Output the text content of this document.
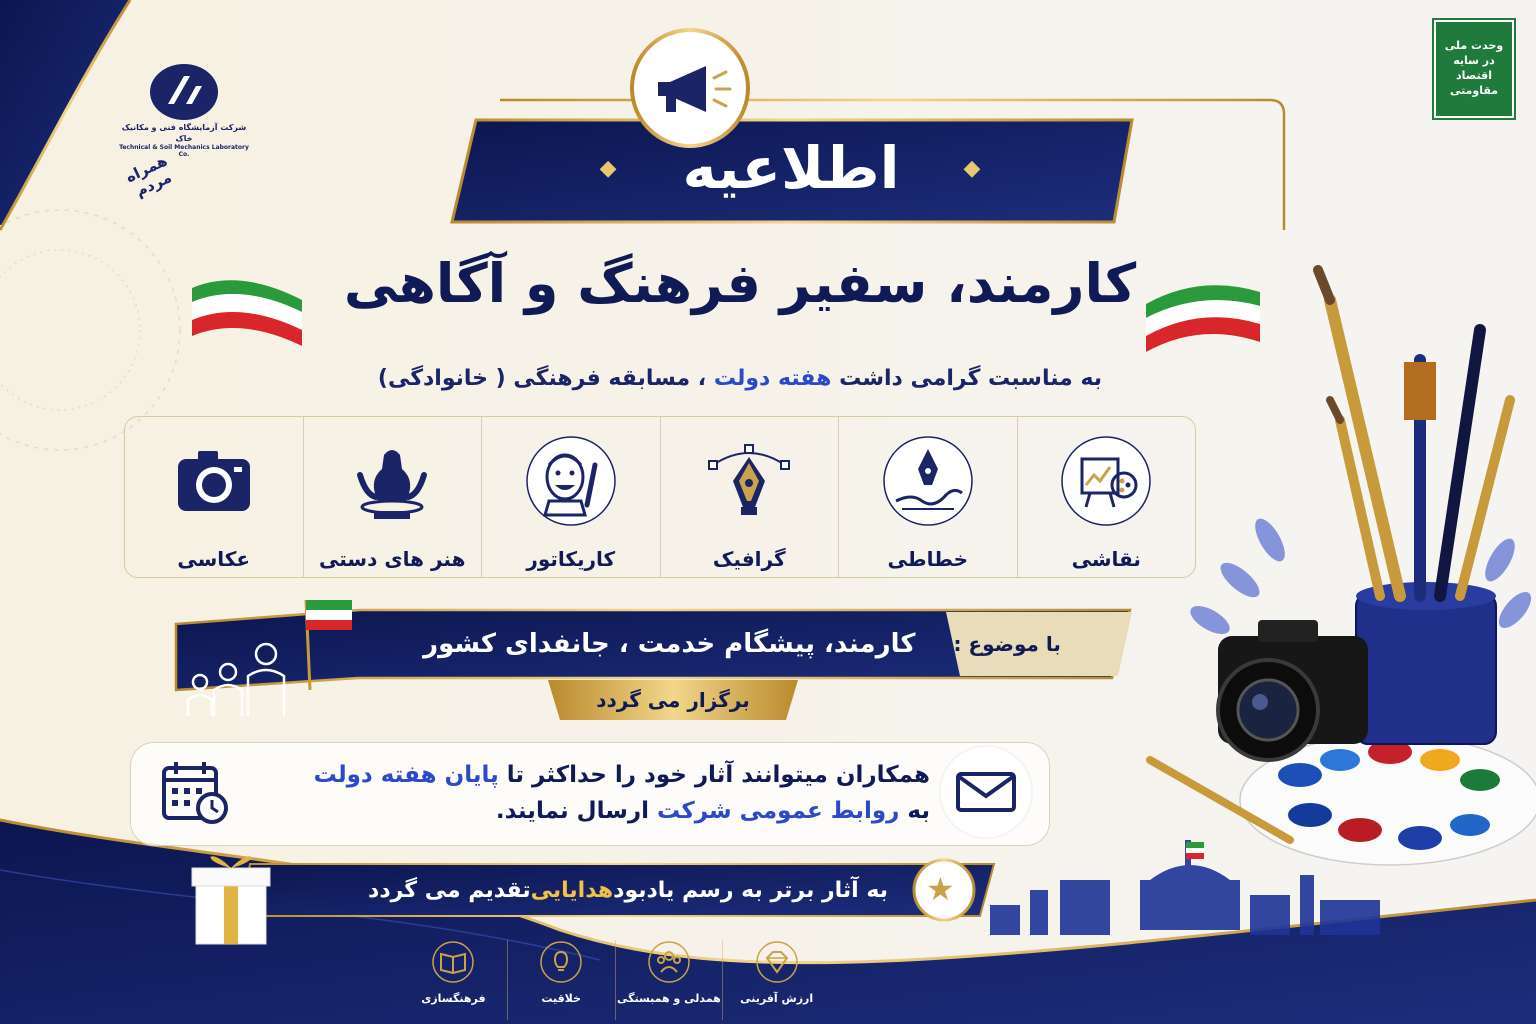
شرکت آزمایشگاه فنی و مکانیک خاک
Technical & Soil Mechanics Laboratory Co.
همراه مردم
وحدت ملی
در سایه
اقتصاد مقاومتی
◆
اطلاعیه
◆
کارمند، سفیر فرهنگ و آگاهی
به مناسبت گرامی داشت هفته دولت ، مسابقه فرهنگی ( خانوادگی)
نقاشی
خطاطی
گرافیک
کاریکاتور
هنر های دستی
عکاسی
با موضوع :
کارمند، پیشگام خدمت ، جانفدای کشور
برگزار می گردد
همکاران میتوانند آثار خود را حداکثر تا پایان هفته دولت
به روابط عمومی شرکت ارسال نمایند.
به آثار برتر به رسم یادبود
هدایایی
تقدیم می گردد	★
ارزش آفرینی
همدلی و همبستگی
خلاقیت
فرهنگسازی
